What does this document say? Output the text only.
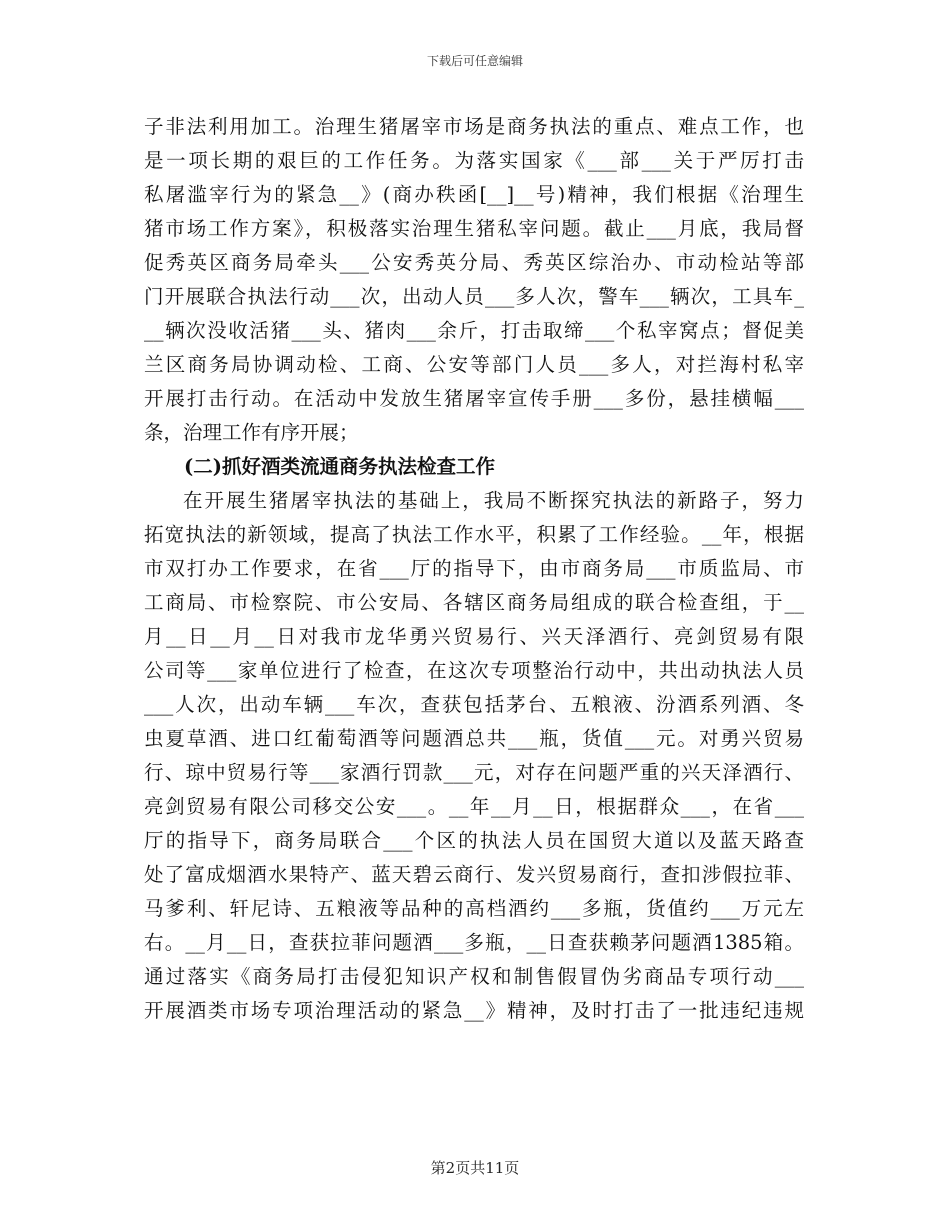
下载后可任意编辑
子非法利用加工。治理生猪屠宰市场是商务执法的重点、难点工作，也
是一项长期的艰巨的工作任务。为落实国家《___部___关于严厉打击
私屠滥宰行为的紧急__》(商办秩函[__]__号)精神，我们根据《治理生
猪市场工作方案》，积极落实治理生猪私宰问题。截止___月底，我局督
促秀英区商务局牵头___公安秀英分局、秀英区综治办、市动检站等部
门开展联合执法行动___次，出动人员___多人次，警车___辆次，工具车_
__辆次没收活猪___头、猪肉___余斤，打击取缔___个私宰窝点；督促美
兰区商务局协调动检、工商、公安等部门人员___多人，对拦海村私宰
开展打击行动。在活动中发放生猪屠宰宣传手册___多份，悬挂横幅___
条，治理工作有序开展；
(二)抓好酒类流通商务执法检查工作
在开展生猪屠宰执法的基础上，我局不断探究执法的新路子，努力
拓宽执法的新领域，提高了执法工作水平，积累了工作经验。__年，根据
市双打办工作要求，在省___厅的指导下，由市商务局___市质监局、市
工商局、市检察院、市公安局、各辖区商务局组成的联合检查组，于__
月__日__月__日对我市龙华勇兴贸易行、兴天泽酒行、亮剑贸易有限
公司等___家单位进行了检查，在这次专项整治行动中，共出动执法人员
___人次，出动车辆___车次，查获包括茅台、五粮液、汾酒系列酒、冬
虫夏草酒、进口红葡萄酒等问题酒总共___瓶，货值___元。对勇兴贸易
行、琼中贸易行等___家酒行罚款___元，对存在问题严重的兴天泽酒行、
亮剑贸易有限公司移交公安___。__年__月__日，根据群众___，在省___
厅的指导下，商务局联合___个区的执法人员在国贸大道以及蓝天路查
处了富成烟酒水果特产、蓝天碧云商行、发兴贸易商行，查扣涉假拉菲、
马爹利、轩尼诗、五粮液等品种的高档酒约___多瓶，货值约___万元左
右。__月__日，查获拉菲问题酒___多瓶，__日查获赖茅问题酒1385箱。
通过落实《商务局打击侵犯知识产权和制售假冒伪劣商品专项行动___
开展酒类市场专项治理活动的紧急__》精神，及时打击了一批违纪违规
第2页共11页
